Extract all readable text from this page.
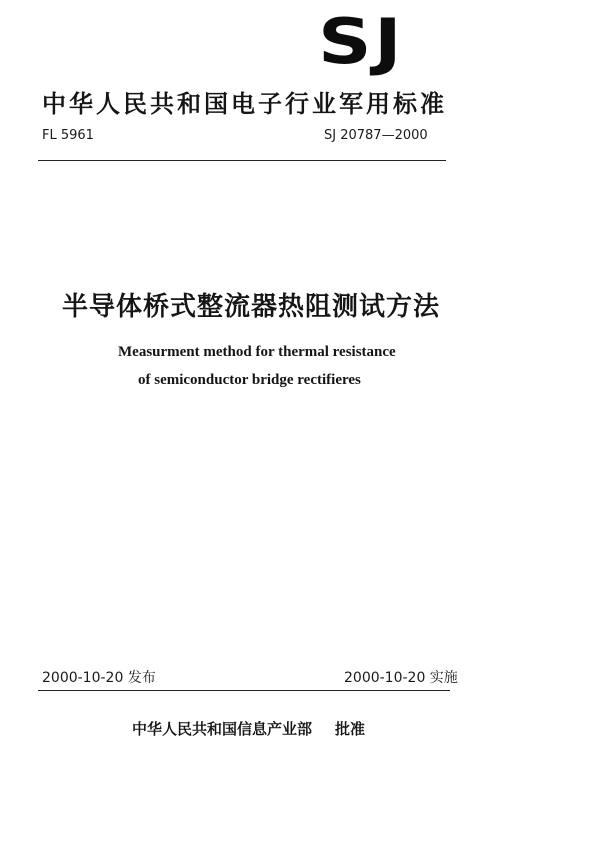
SJ
中华人民共和国电子行业军用标准
FL 5961	SJ 20787—2000
半导体桥式整流器热阻测试方法
Measurment method for thermal resistance
of semiconductor bridge rectifieres
2000-10-20 发布	2000-10-20 实施
中华人民共和国信息产业部 批准
